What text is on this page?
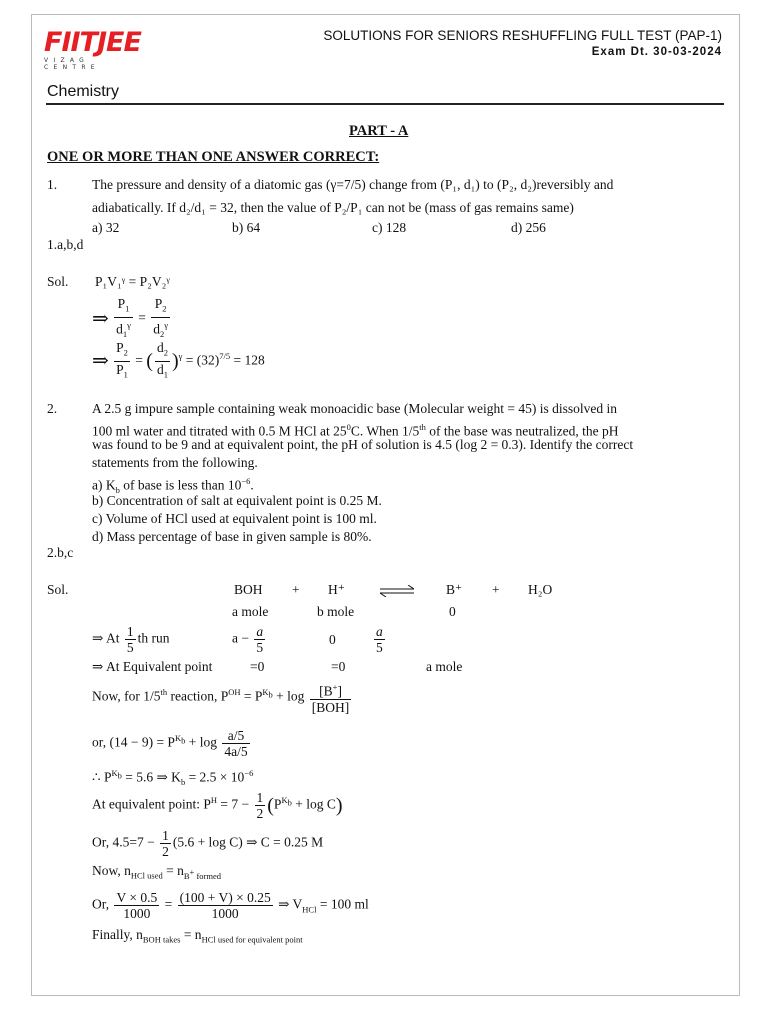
FIITJEE
VIZAG CENTRE
SOLUTIONS FOR SENIORS RESHUFFLING FULL TEST (PAP-1)
Exam Dt. 30-03-2024
Chemistry
PART - A
ONE OR MORE THAN ONE ANSWER CORRECT:
1.	The pressure and density of a diatomic gas (γ=7/5) change from (P₁, d₁) to (P₂, d₂)reversibly and
adiabatically. If d₂/d₁ = 32, then the value of P₂/P₁ can not be (mass of gas remains same)
a) 32	b) 64	c) 128	d) 256
1.a,b,d
Sol. P₁V₁ᵞ = P₂V₂ᵞ
⇒ $\frac{P_1}{d_1^\gamma} = \frac{P_2}{d_2^\gamma}$
⇒ $\frac{P_2}{P_1}$ = ( $\frac{d_2}{d_1} )^\gamma = (32)^{7/5} = 128$
2.	A 2.5 g impure sample containing weak monoacidic base (Molecular weight = 45) is dissolved in
100 ml water and titrated with 0.5 M HCl at $25^0C$. When 1/5th of the base was neutralized, the pH
was found to be 9 and at equivalent point, the pH of solution is 4.5 (log 2 = 0.3). Identify the correct
statements from the following.
a) $K_b$ of base is less than $10^{-6}$.
b) Concentration of salt at equivalent point is 0.25 M.
c) Volume of HCl used at equivalent point is 100 ml.
d) Mass percentage of base in given sample is 80%.
2.b,c
Sol.	BOH + H⁺	B⁺ + H₂O
a mole	b mole	0
⇒ At $\frac{1}{5}$ th run	$a - \frac{a}{5}$	0	$\frac{a}{5}$
⇒ At Equivalent point	=0	=0	a mole
Now, for 1/5th reaction, $P^{OH} = P^{K_b} + \log \frac{[B^+]}{\text{[BOH]}}$
or, $(14 - 9) = P^{K_b} + \log \frac{a/5}{4a/5}$
∴ $P^{K_b} = 5.6$ ⇒ $K_b = 2.5 \times 10^{-6}$
At equivalent point: $P^H = 7 - \frac{1}{2} (P^{K_b} + \log C)$
Or, $4.5=7 - \frac{1}{2} (5.6 + \log C)$ ⇒ C = 0.25 M
Now, $n_{HCl used} = n_{B^+ formed}$
Or, $\frac{V \times 0.5}{1000} = \frac{(100 + V) \times 0.25}{1000}$ ⇒ $V_{HCl} = 100$ ml
Finally, $n_{BOH takes} = n_{HCl used for equivalent point}$
